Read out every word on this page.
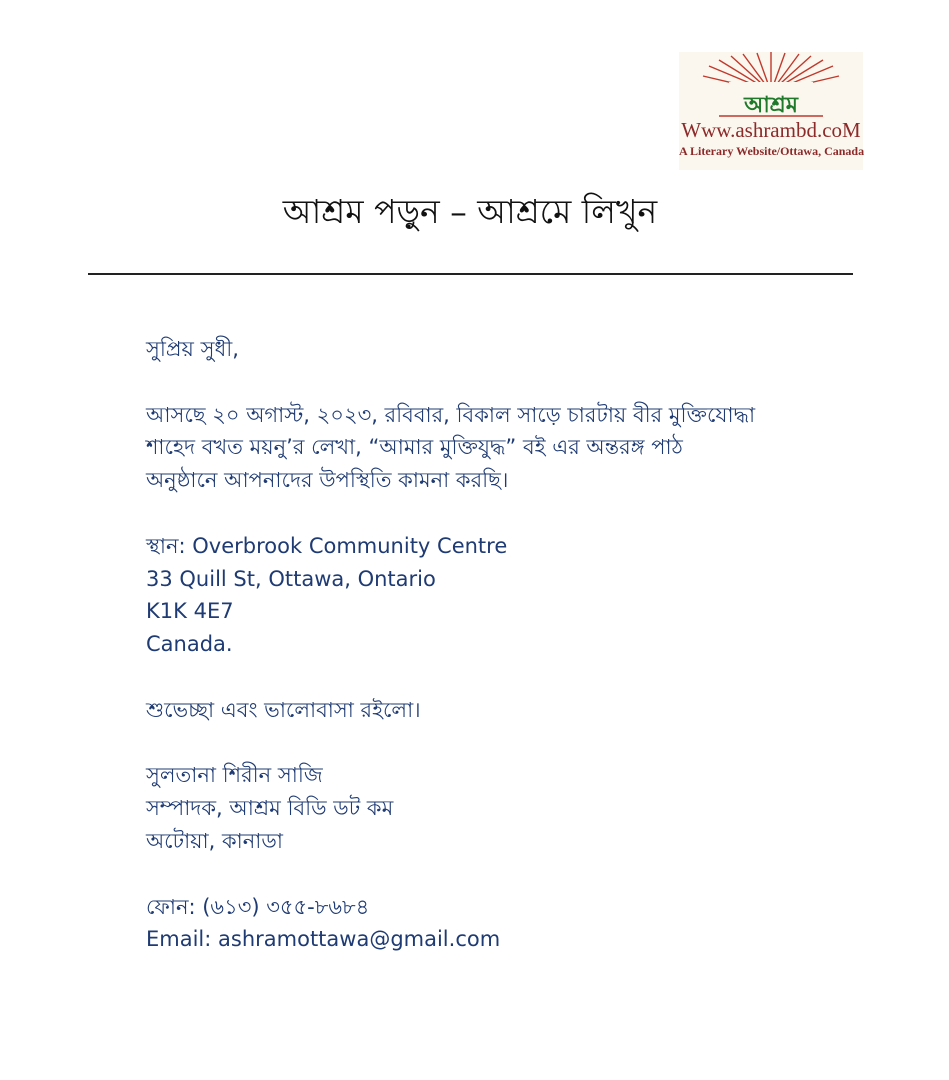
আশ্রম
Www.ashrambd.coM
A Literary Website/Ottawa, Canada
আশ্রম পড়ুন – আশ্রমে লিখুন

সুপ্রিয় সুধী,

আসছে ২০ অগাস্ট, ২০২৩, রবিবার, বিকাল সাড়ে চারটায় বীর মুক্তিযোদ্ধা

শাহেদ বখত ময়নু’র লেখা, “আমার মুক্তিযুদ্ধ” বই এর অন্তরঙ্গ পাঠ

অনুষ্ঠানে আপনাদের উপস্থিতি কামনা করছি।

স্থান: Overbrook Community Centre

33 Quill St, Ottawa, Ontario

K1K 4E7

Canada.

শুভেচ্ছা এবং ভালোবাসা রইলো।

সুলতানা শিরীন সাজি

সম্পাদক, আশ্রম বিডি ডট কম

অটোয়া, কানাডা

ফোন: (৬১৩) ৩৫৫-৮৬৮৪

Email: ashramottawa@gmail.com
